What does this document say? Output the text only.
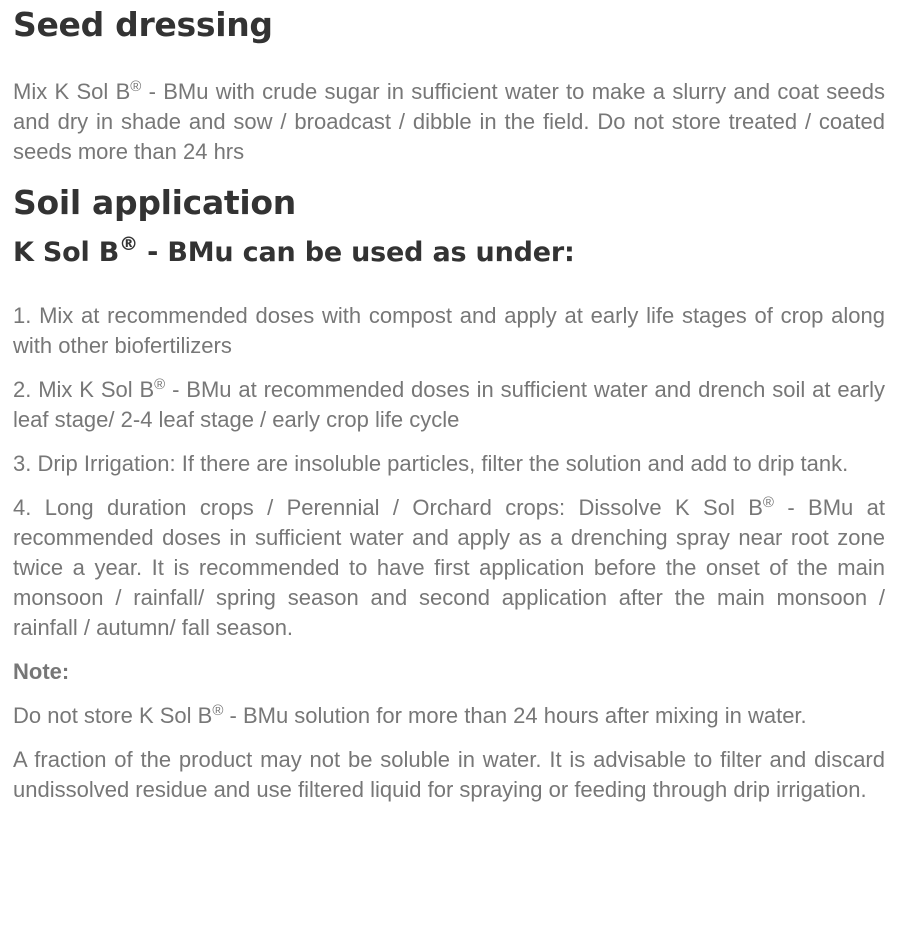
Seed dressing

Mix K Sol B® - BMu with crude sugar in sufficient water to make a slurry and coat seeds and dry in shade and sow / broadcast / dibble in the field. Do not store treated / coated seeds more than 24 hrs

Soil application
K Sol B® - BMu can be used as under:

1. Mix at recommended doses with compost and apply at early life stages of crop along with other biofertilizers

2. Mix K Sol B® - BMu at recommended doses in sufficient water and drench soil at early leaf stage/ 2-4 leaf stage / early crop life cycle

3. Drip Irrigation: If there are insoluble particles, filter the solution and add to drip tank.

4. Long duration crops / Perennial / Orchard crops: Dissolve K Sol B® - BMu at recommended doses in sufficient water and apply as a drenching spray near root zone twice a year. It is recommended to have first application before the onset of the main monsoon / rainfall/ spring season and second application after the main monsoon / rainfall / autumn/ fall season.

Note:

Do not store K Sol B® - BMu solution for more than 24 hours after mixing in water.

A fraction of the product may not be soluble in water. It is advisable to filter and discard undissolved residue and use filtered liquid for spraying or feeding through drip irrigation.
